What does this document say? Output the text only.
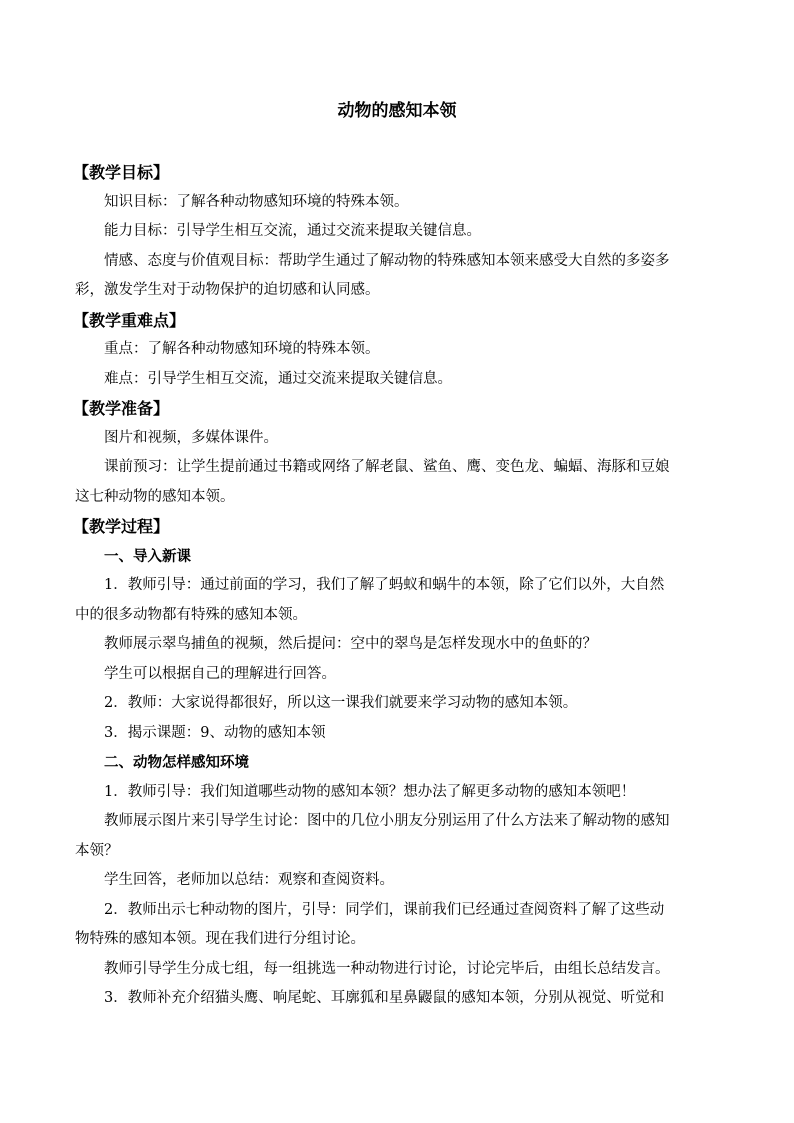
动物的感知本领

【教学目标】

知识目标：了解各种动物感知环境的特殊本领。

能力目标：引导学生相互交流，通过交流来提取关键信息。

情感、态度与价值观目标：帮助学生通过了解动物的特殊感知本领来感受大自然的多姿多

彩，激发学生对于动物保护的迫切感和认同感。

【教学重难点】

重点：了解各种动物感知环境的特殊本领。

难点：引导学生相互交流，通过交流来提取关键信息。

【教学准备】

图片和视频，多媒体课件。

课前预习：让学生提前通过书籍或网络了解老鼠、鲨鱼、鹰、变色龙、蝙蝠、海豚和豆娘

这七种动物的感知本领。

【教学过程】

一、导入新课

1．教师引导：通过前面的学习，我们了解了蚂蚁和蜗牛的本领，除了它们以外，大自然

中的很多动物都有特殊的感知本领。

教师展示翠鸟捕鱼的视频，然后提问：空中的翠鸟是怎样发现水中的鱼虾的？

学生可以根据自己的理解进行回答。

2．教师：大家说得都很好，所以这一课我们就要来学习动物的感知本领。

3．揭示课题：9、动物的感知本领

二、动物怎样感知环境

1．教师引导：我们知道哪些动物的感知本领？想办法了解更多动物的感知本领吧！

教师展示图片来引导学生讨论：图中的几位小朋友分别运用了什么方法来了解动物的感知

本领？

学生回答，老师加以总结：观察和查阅资料。

2．教师出示七种动物的图片，引导：同学们，课前我们已经通过查阅资料了解了这些动

物特殊的感知本领。现在我们进行分组讨论。

教师引导学生分成七组，每一组挑选一种动物进行讨论，讨论完毕后，由组长总结发言。

3．教师补充介绍猫头鹰、响尾蛇、耳廓狐和星鼻鼹鼠的感知本领，分别从视觉、听觉和
